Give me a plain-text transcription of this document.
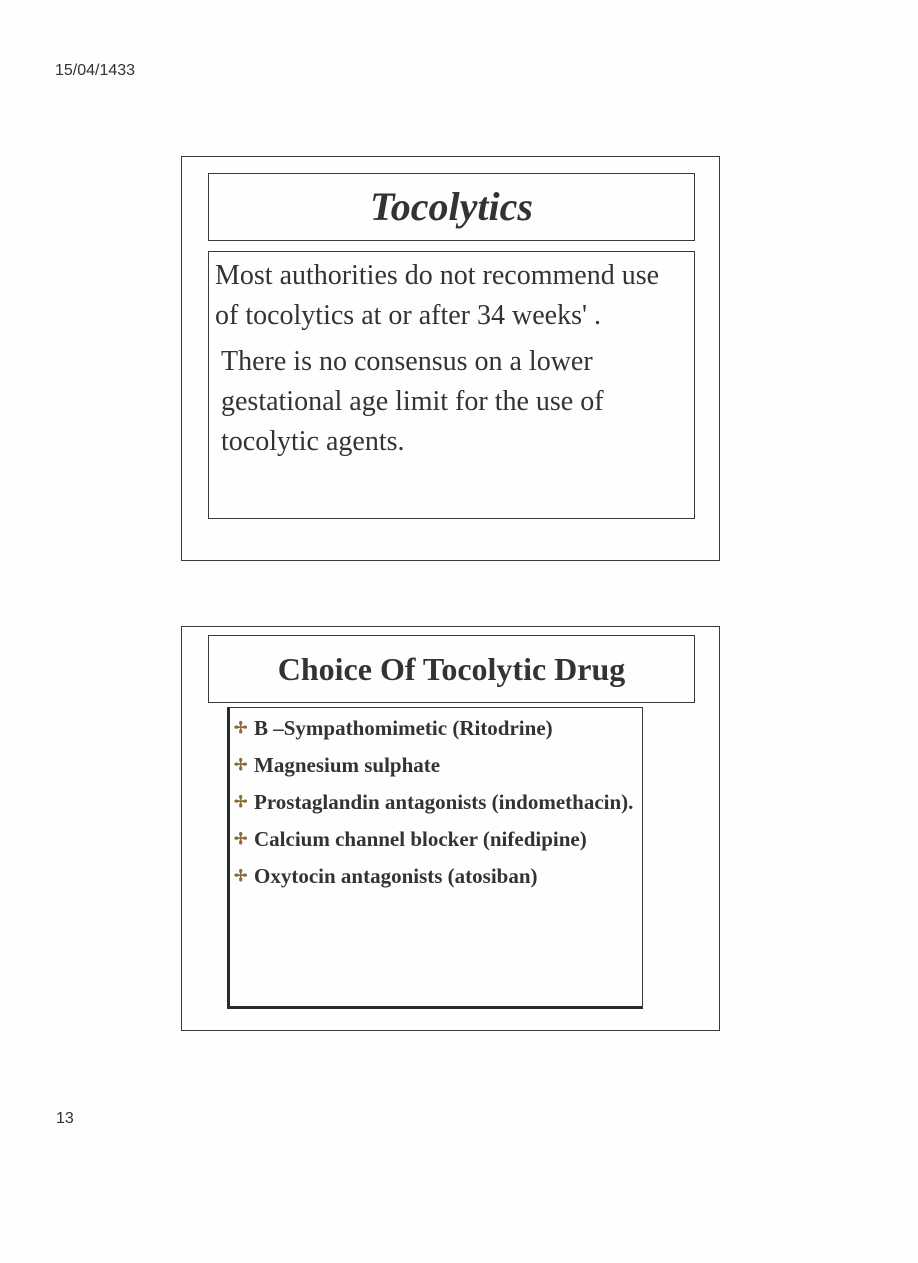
15/04/1433
Tocolytics

Most authorities do not recommend use of tocolytics at or after 34 weeks' .

There is no consensus on a lower gestational age limit for the use of tocolytic agents.

Choice Of Tocolytic Drug
✢ B –Sympathomimetic (Ritodrine)
✢ Magnesium sulphate
✢ Prostaglandin antagonists (indomethacin).
✢ Calcium channel blocker (nifedipine)
✢ Oxytocin antagonists (atosiban)
13
